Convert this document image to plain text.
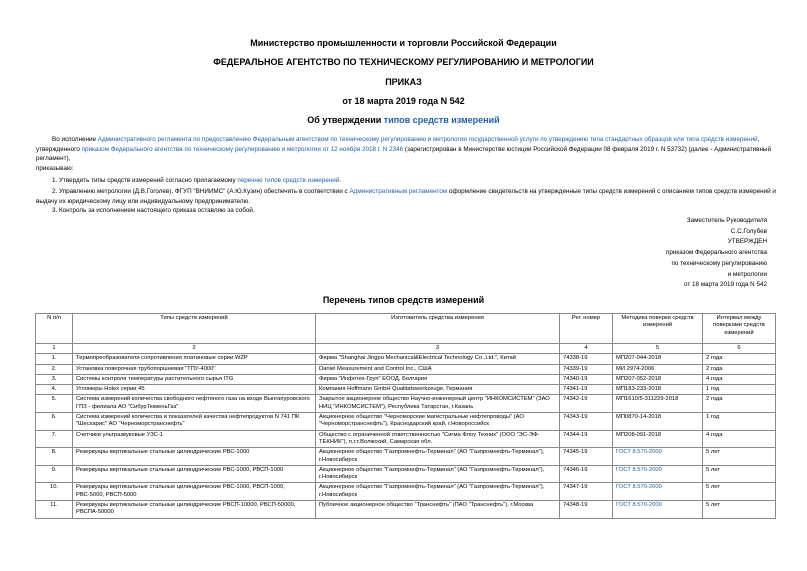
Министерство промышленности и торговли Российской Федерации
ФЕДЕРАЛЬНОЕ АГЕНТСТВО ПО ТЕХНИЧЕСКОМУ РЕГУЛИРОВАНИЮ И МЕТРОЛОГИИ
ПРИКАЗ
от 18 марта 2019 года N 542
Об утверждении типов средств измерений
Во исполнение Административного регламента по предоставлению Федеральным агентством по техническому регулированию и метрологии государственной услуги по утверждению типа стандартных образцов или типа средств измерений, утвержденного приказом Федерального агентства по техническому регулированию и метрологии от 12 ноября 2018 г. N 2346 (зарегистрирован в Министерстве юстиции Российской Федерации 08 февраля 2019 г. N 53732) (далее - Административный регламент),
приказываю:
1. Утвердить типы средств измерений согласно прилагаемому перечню типов средств измерений.
2. Управлению метрологии (Д.В.Гоголев), ФГУП "ВНИИМС" (А.Ю.Кузин) обеспечить в соответствии с Административным регламентом оформление свидетельств на утвержденные типы средств измерений с описанием типов средств измерений и выдачу их юридическому лицу или индивидуальному предпринимателю.
3. Контроль за исполнением настоящего приказа оставляю за собой.
Заместитель Руководителя
С.С.Голубев
УТВЕРЖДЕН
приказом Федерального агентства
по техническому регулированию
и метрологии
от 18 марта 2019 года N 542
Перечень типов средств измерений
N п/п	Типы средств измерений	Изготовитель средства измерения	Рег. номер	Методика поверки средств измерений	Интервал между поверками средств измерений
1	2	3	4	5	6
1.	Термопреобразователи сопротивления платиновые серии WZP	Фирма "Shanghai Jingpu Mechanical&Electrical Technology Co.,Ltd.", Китай	74338-19	МП207-044-2018	2 года
2.	Установка поверочная трубопоршневая "ТПУ-4000"	Daniel Measurement and Control Inc., США	74339-19	МИ 2974-2006	2 года
3.	Системы контроля температуры растительного сырья ITG	Фирма "Инфотех-Груп" ЕООД, Болгария	74340-19	МП207-052-2018	4 года
4.	Угломеры Holex серии 45	Компания Hoffmann GmbH Qualitatswerkzeuge, Германия	74341-19	МП183-233-2018	1 год
5.	Система измерений количества свободного нефтяного газа на входе Вынгапуровского ГПЗ - филиала АО "СибурТюменьГаз"	Закрытое акционерное общество Научно-инженерный центр "ИНКОМСИСТЕМ" (ЗАО НИЦ "ИНКОМСИСТЕМ"), Республика Татарстан, г.Казань	74342-19	МП1610/5-311229-2018	2 года
6.	Система измерений количества и показателей качества нефтепродуктов N 741 ПК "Шесхарис" АО "Черноморстранснефть"	Акционерное общество "Черноморские магистральные нефтепроводы" (АО "Черноморстранснефть"), Краснодарский край, г.Новороссийск	74343-19	МП0870-14-2018	1 год
7.	Счетчики ультразвуковые УЗС-1	Общество с ограниченной ответственностью "Сигма Флоу Техник" (ООО "ЭС-ЭФ-ТЕКНИК"), п.г.т.Волжский, Самарская обл.	74344-19	МП208-091-2018	4 года
8.	Резервуары вертикальные стальные цилиндрические РВС-1000	Акционерное общество "Газпромнефть-Терминал" (АО "Газпромнефть-Терминал"), г.Новосибирск	74345-19	ГОСТ 8.570-2000	5 лет
9.	Резервуары вертикальные стальные цилиндрические РВС-1000, РВСП-1000	Акционерное общество "Газпромнефть-Терминал" (АО "Газпромнефть-Терминал"), г.Новосибирск	74346-19	ГОСТ 8.570-2000	5 лет
10.	Резервуары вертикальные стальные цилиндрические РВС-1000, РВСП-1000, РВС-5000, РВСП-5000	Акционерное общество "Газпромнефть-Терминал" (АО "Газпромнефть-Терминал"), г.Новосибирск	74347-19	ГОСТ 8.570-2000	5 лет
11.	Резервуары вертикальные стальные цилиндрические РВСП-10000, РВСП-50000, РВСПА-50000	Публичное акционерное общество "Транснефть" (ПАО "Транснефть"), г.Москва	74348-19	ГОСТ 8.570-2000	5 лет
